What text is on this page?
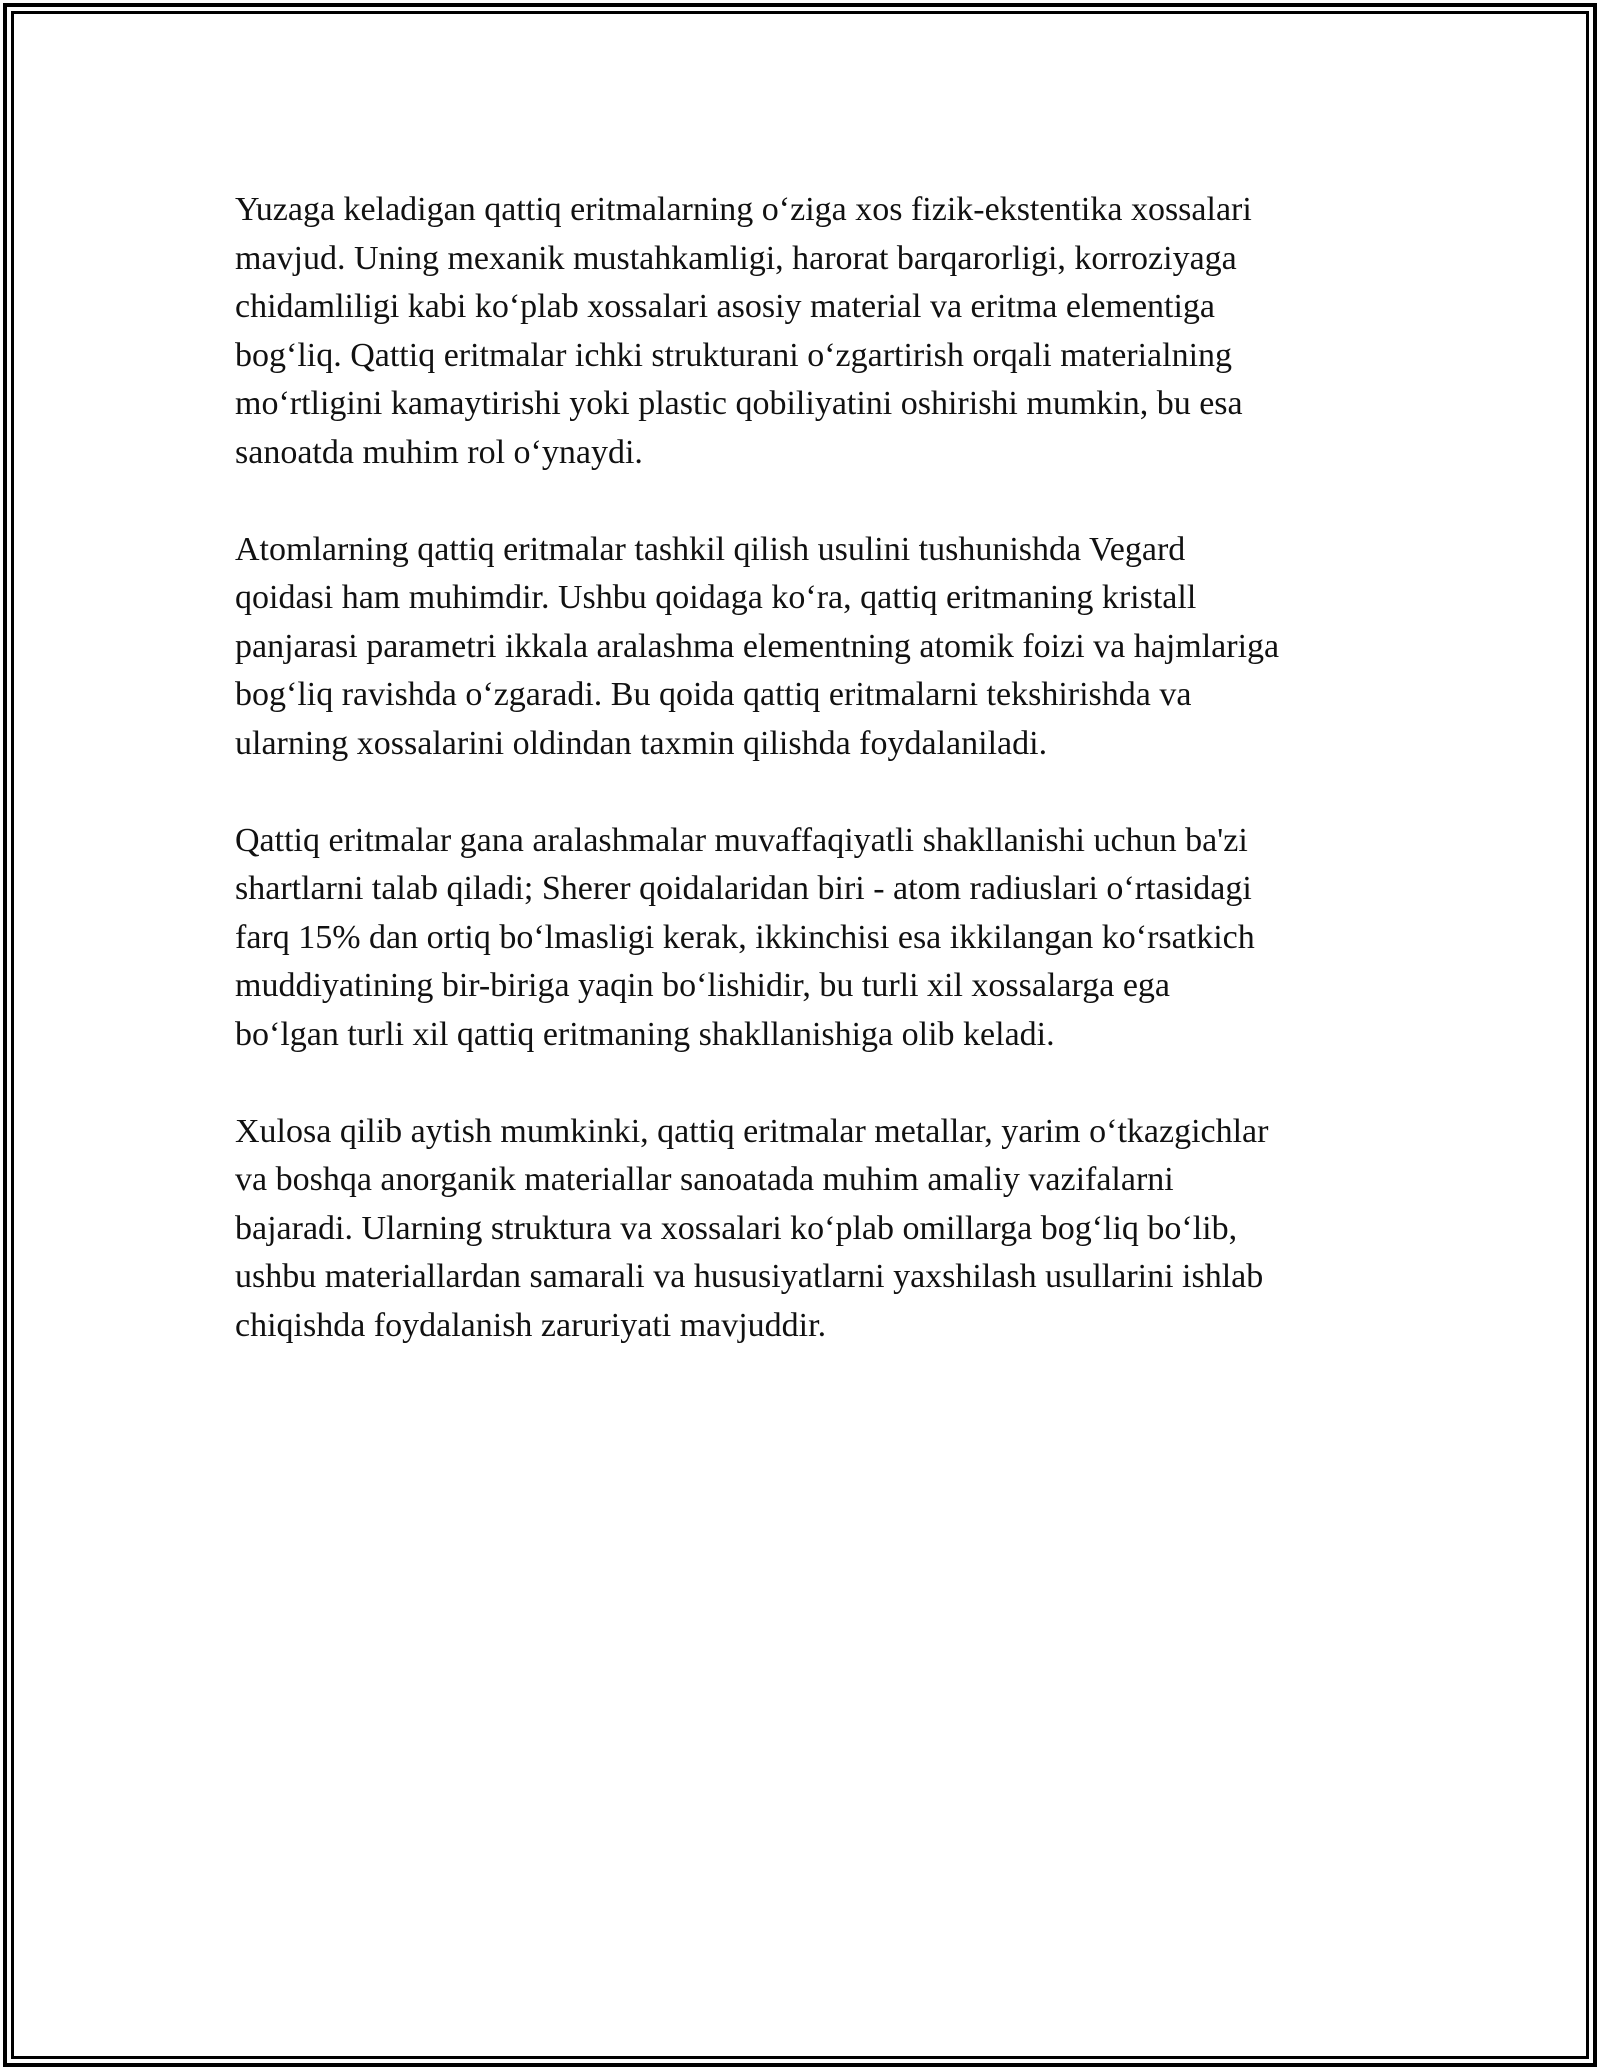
Yuzaga keladigan qattiq eritmalarning o‘ziga xos fizik-ekstentika xossalari
mavjud. Uning mexanik mustahkamligi, harorat barqarorligi, korroziyaga
chidamliligi kabi ko‘plab xossalari asosiy material va eritma elementiga
bog‘liq. Qattiq eritmalar ichki strukturani o‘zgartirish orqali materialning
mo‘rtligini kamaytirishi yoki plastic qobiliyatini oshirishi mumkin, bu esa
sanoatda muhim rol o‘ynaydi.

Atomlarning qattiq eritmalar tashkil qilish usulini tushunishda Vegard
qoidasi ham muhimdir. Ushbu qoidaga ko‘ra, qattiq eritmaning kristall
panjarasi parametri ikkala aralashma elementning atomik foizi va hajmlariga
bog‘liq ravishda o‘zgaradi. Bu qoida qattiq eritmalarni tekshirishda va
ularning xossalarini oldindan taxmin qilishda foydalaniladi.

Qattiq eritmalar gana aralashmalar muvaffaqiyatli shakllanishi uchun ba'zi
shartlarni talab qiladi; Sherer qoidalaridan biri - atom radiuslari o‘rtasidagi
farq 15% dan ortiq bo‘lmasligi kerak, ikkinchisi esa ikkilangan ko‘rsatkich
muddiyatining bir-biriga yaqin bo‘lishidir, bu turli xil xossalarga ega
bo‘lgan turli xil qattiq eritmaning shakllanishiga olib keladi.

Xulosa qilib aytish mumkinki, qattiq eritmalar metallar, yarim o‘tkazgichlar
va boshqa anorganik materiallar sanoatada muhim amaliy vazifalarni
bajaradi. Ularning struktura va xossalari ko‘plab omillarga bog‘liq bo‘lib,
ushbu materiallardan samarali va hususiyatlarni yaxshilash usullarini ishlab
chiqishda foydalanish zaruriyati mavjuddir.
